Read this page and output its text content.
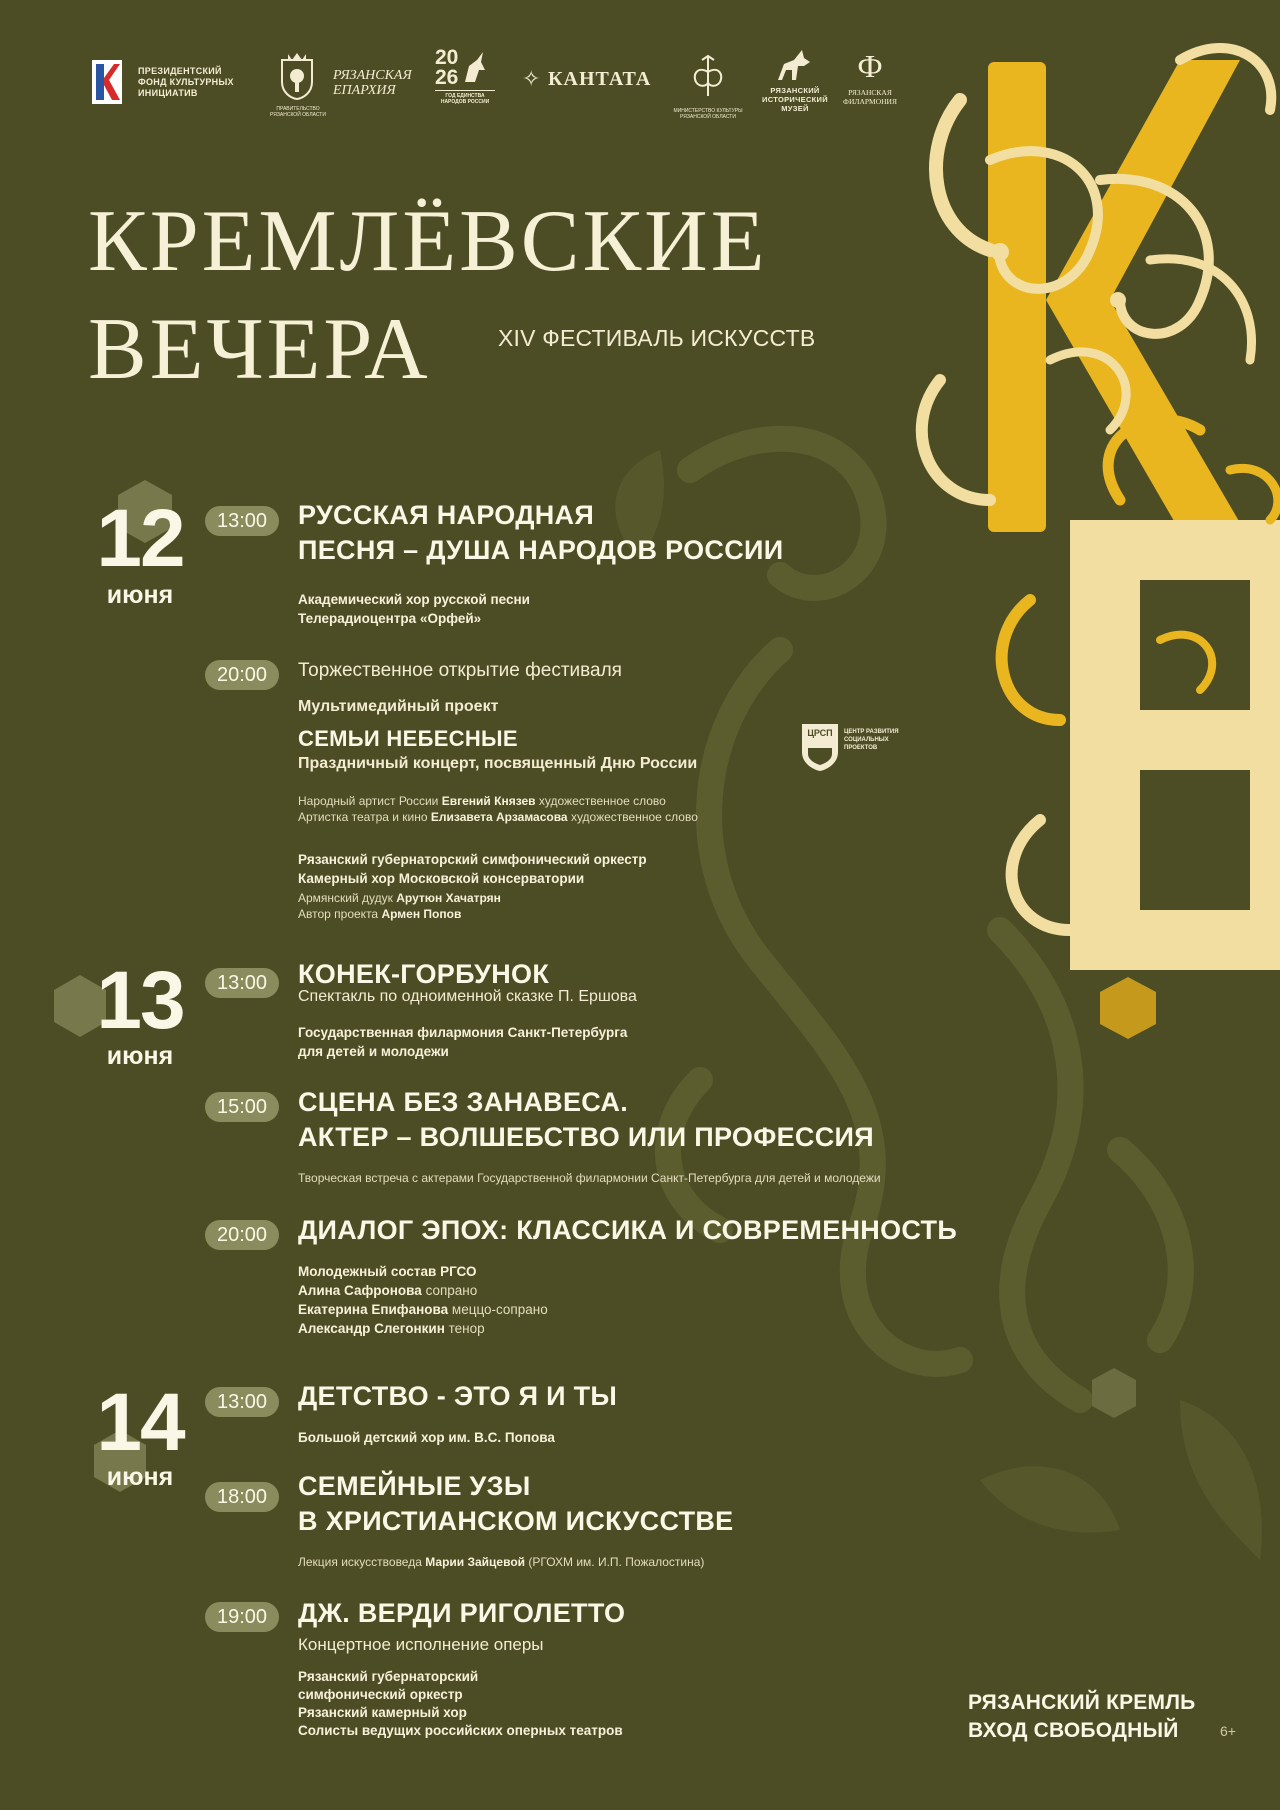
ПРЕЗИДЕНТСКИЙ ФОНД КУЛЬТУРНЫХ ИНИЦИАТИВ
ПРАВИТЕЛЬСТВО РЯЗАНСКОЙ ОБЛАСТИ
РЯЗАНСКАЯ ЕПАРХИЯ
20
26
ГОД ЕДИНСТВА НАРОДОВ РОССИИ
✧ КАНТАТА
МИНИСТЕРСТВО КУЛЬТУРЫ РЯЗАНСКОЙ ОБЛАСТИ
РЯЗАНСКИЙ ИСТОРИЧЕСКИЙ МУЗЕЙ
Ф
РЯЗАНСКАЯ ФИЛАРМОНИЯ
КРЕМЛЁВСКИЕ
ВЕЧЕРА	XIV ФЕСТИВАЛЬ ИСКУССТВ
12
июня
13:00	РУССКАЯ НАРОДНАЯ
ПЕСНЯ – ДУША НАРОДОВ РОССИИ
Академический хор русской песни
Телерадиоцентра «Орфей»
20:00	Торжественное открытие фестиваля
Мультимедийный проект
СЕМЬИ НЕБЕСНЫЕ
Праздничный концерт, посвященный Дню России
ЦРСП	ЦЕНТР РАЗВИТИЯ СОЦИАЛЬНЫХ ПРОЕКТОВ
Народный артист России Евгений Князев художественное слово
Артистка театра и кино Елизавета Арзамасова художественное слово
Рязанский губернаторский симфонический оркестр
Камерный хор Московской консерватории
Армянский дудук Арутюн Хачатрян
Автор проекта Армен Попов
13
июня
13:00	КОНЕК-ГОРБУНОК
Спектакль по одноименной сказке П. Ершова
Государственная филармония Санкт-Петербурга
для детей и молодежи
15:00	СЦЕНА БЕЗ ЗАНАВЕСА.
АКТЕР – ВОЛШЕБСТВО ИЛИ ПРОФЕССИЯ
Творческая встреча с актерами Государственной филармонии Санкт-Петербурга для детей и молодежи
20:00	ДИАЛОГ ЭПОХ: КЛАССИКА И СОВРЕМЕННОСТЬ
Молодежный состав РГСО
Алина Сафронова сопрано
Екатерина Епифанова меццо-сопрано
Александр Слегонкин тенор
14
июня
13:00	ДЕТСТВО - ЭТО Я И ТЫ
Большой детский хор им. В.С. Попова
18:00	СЕМЕЙНЫЕ УЗЫ
В ХРИСТИАНСКОМ ИСКУССТВЕ
Лекция искусствоведа Марии Зайцевой (РГОХМ им. И.П. Пожалостина)
19:00	ДЖ. ВЕРДИ РИГОЛЕТТО
Концертное исполнение оперы
Рязанский губернаторский
симфонический оркестр
Рязанский камерный хор
Солисты ведущих российских оперных театров
РЯЗАНСКИЙ КРЕМЛЬ
ВХОД СВОБОДНЫЙ	6+
